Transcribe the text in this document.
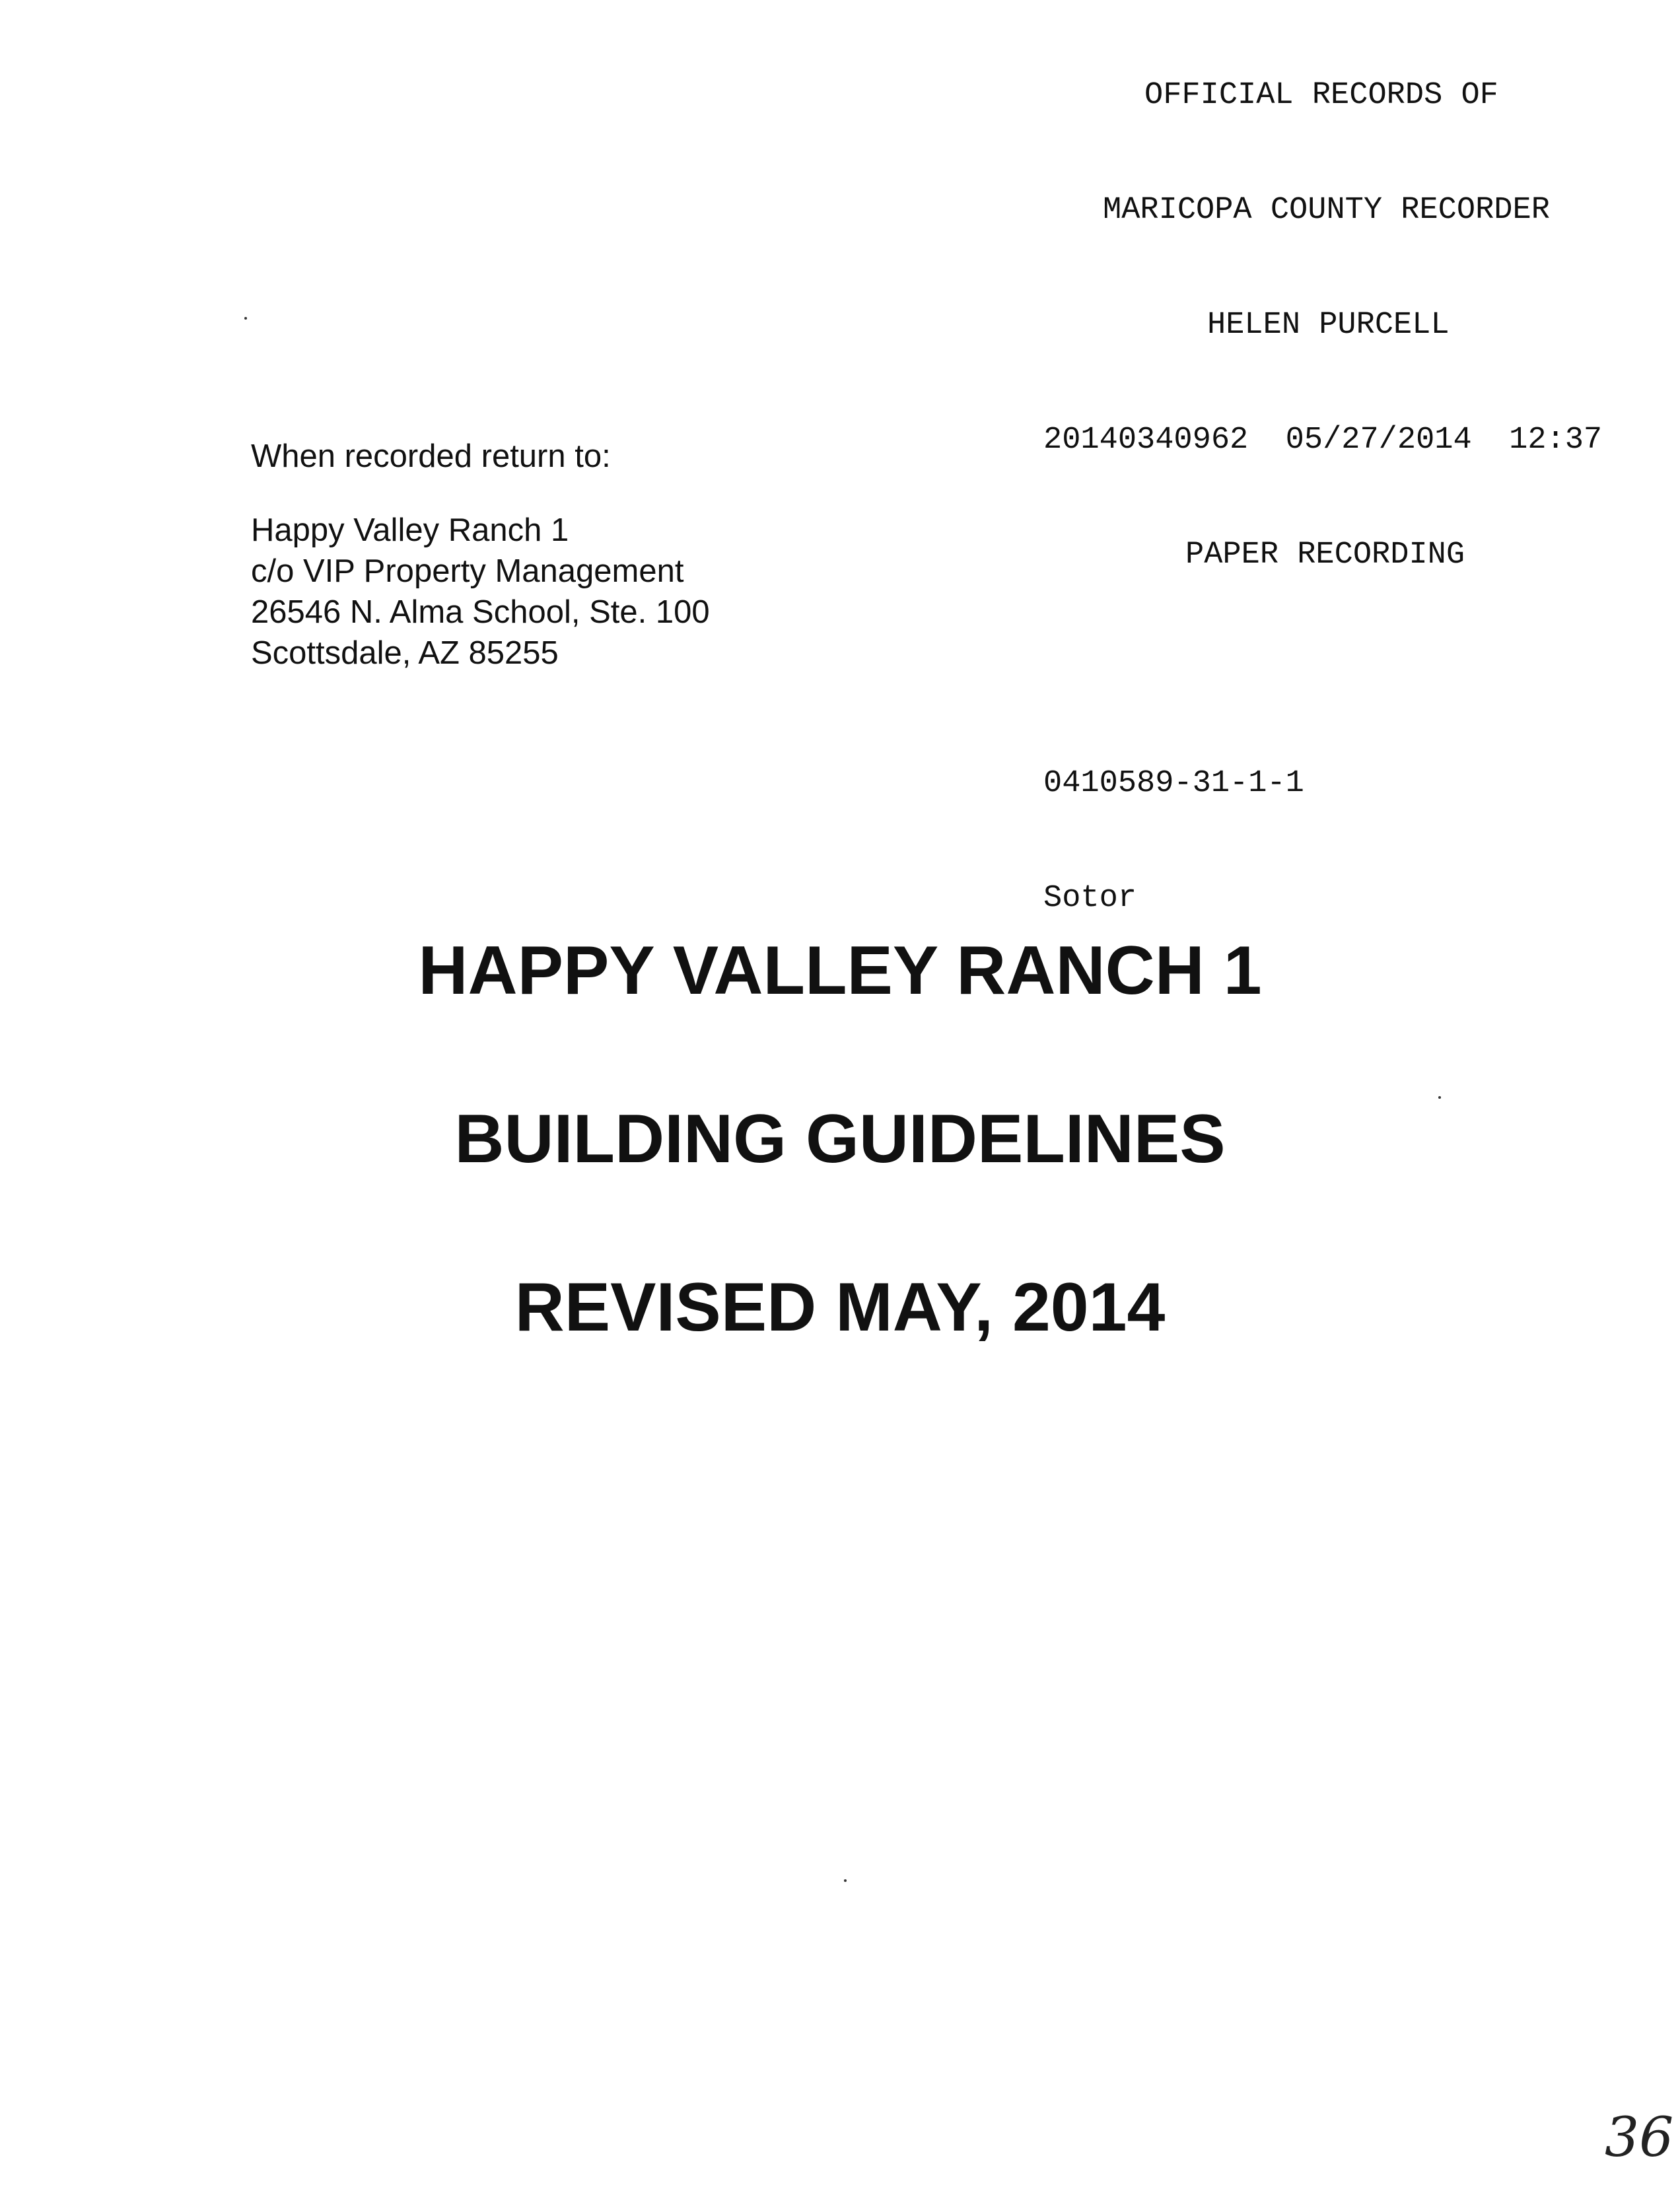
OFFICIAL RECORDS OF

MARICOPA COUNTY RECORDER

HELEN PURCELL

20140340962  05/27/2014  12:37

PAPER RECORDING

0410589-31-1-1

Sotor

When recorded return to:
Happy Valley Ranch 1
c/o VIP Property Management
26546 N. Alma School, Ste. 100
Scottsdale, AZ 85255
HAPPY VALLEY RANCH 1
BUILDING GUIDELINES
REVISED MAY, 2014
36
